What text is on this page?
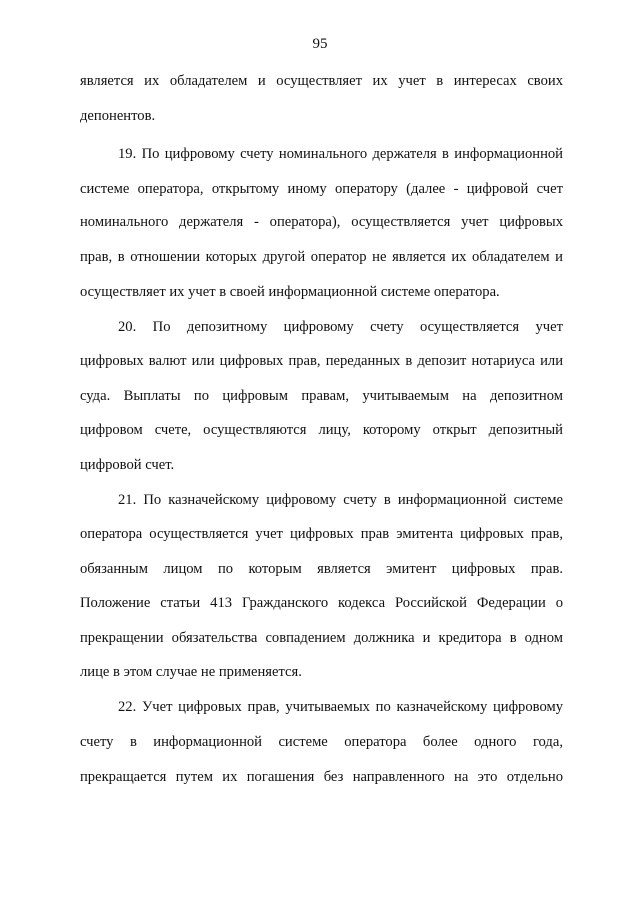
95
является их обладателем и осуществляет их учет в интересах своих
депонентов.
19. По цифровому счету номинального держателя в информационной
системе оператора, открытому иному оператору (далее - цифровой счет
номинального держателя - оператора), осуществляется учет цифровых
прав, в отношении которых другой оператор не является их обладателем и
осуществляет их учет в своей информационной системе оператора.
20. По депозитному цифровому счету осуществляется учет
цифровых валют или цифровых прав, переданных в депозит нотариуса или
суда. Выплаты по цифровым правам, учитываемым на депозитном
цифровом счете, осуществляются лицу, которому открыт депозитный
цифровой счет.
21. По казначейскому цифровому счету в информационной системе
оператора осуществляется учет цифровых прав эмитента цифровых прав,
обязанным лицом по которым является эмитент цифровых прав.
Положение статьи 413 Гражданского кодекса Российской Федерации о
прекращении обязательства совпадением должника и кредитора в одном
лице в этом случае не применяется.
22. Учет цифровых прав, учитываемых по казначейскому цифровому
счету в информационной системе оператора более одного года,
прекращается путем их погашения без направленного на это отдельно
